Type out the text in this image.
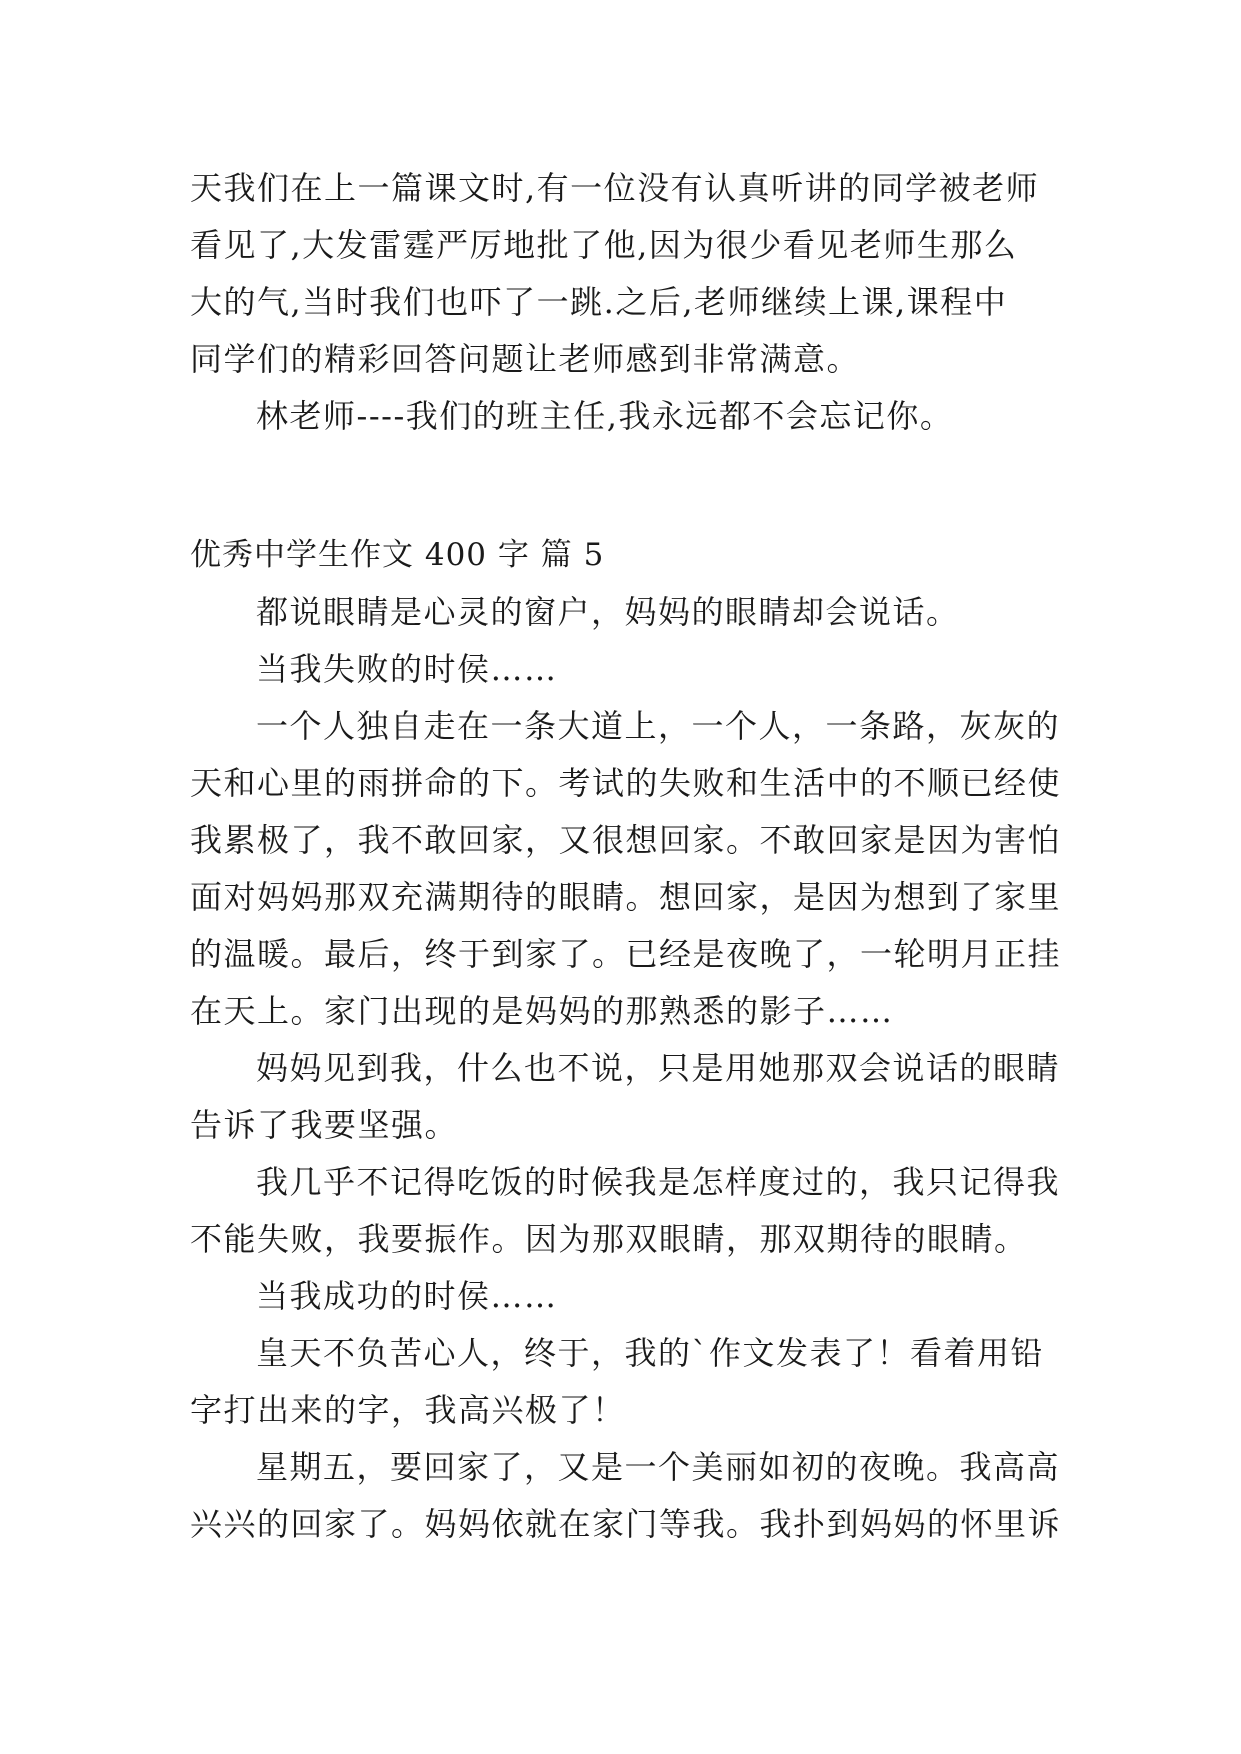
天我们在上一篇课文时,有一位没有认真听讲的同学被老师
看见了,大发雷霆严厉地批了他,因为很少看见老师生那么
大的气,当时我们也吓了一跳.之后,老师继续上课,课程中
同学们的精彩回答问题让老师感到非常满意。
林老师----我们的班主任,我永远都不会忘记你。
优秀中学生作文 400 字 篇 5
都说眼睛是心灵的窗户，妈妈的眼睛却会说话。
当我失败的时侯……
一个人独自走在一条大道上，一个人，一条路，灰灰的
天和心里的雨拼命的下。考试的失败和生活中的不顺已经使
我累极了，我不敢回家，又很想回家。不敢回家是因为害怕
面对妈妈那双充满期待的眼睛。想回家，是因为想到了家里
的温暖。最后，终于到家了。已经是夜晚了，一轮明月正挂
在天上。家门出现的是妈妈的那熟悉的影子……
妈妈见到我，什么也不说，只是用她那双会说话的眼睛
告诉了我要坚强。
我几乎不记得吃饭的时候我是怎样度过的，我只记得我
不能失败，我要振作。因为那双眼睛，那双期待的眼睛。
当我成功的时侯……
皇天不负苦心人，终于，我的`作文发表了！看着用铅
字打出来的字，我高兴极了！
星期五，要回家了，又是一个美丽如初的夜晚。我高高
兴兴的回家了。妈妈依就在家门等我。我扑到妈妈的怀里诉
